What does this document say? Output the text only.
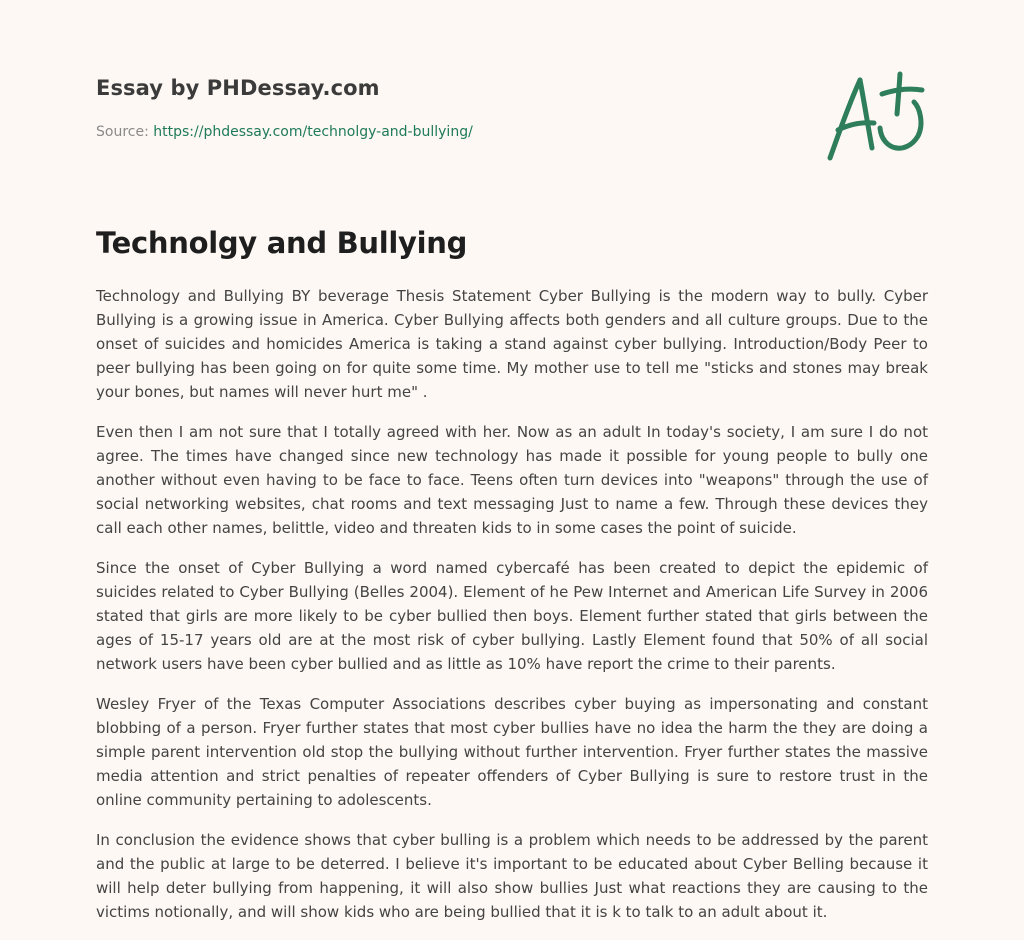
Essay by PHDessay.com
Source: https://phdessay.com/technolgy-and-bullying/
Technolgy and Bullying

Technology and Bullying BY beverage Thesis Statement Cyber Bullying is the modern way to bully. Cyber Bullying is a growing issue in America. Cyber Bullying affects both genders and all culture groups. Due to the onset of suicides and homicides America is taking a stand against cyber bullying. Introduction/Body Peer to peer bullying has been going on for quite some time. My mother use to tell me "sticks and stones may break your bones, but names will never hurt me" .

Even then I am not sure that I totally agreed with her. Now as an adult In today's society, I am sure I do not agree. The times have changed since new technology has made it possible for young people to bully one another without even having to be face to face. Teens often turn devices into "weapons" through the use of social networking websites, chat rooms and text messaging Just to name a few. Through these devices they call each other names, belittle, video and threaten kids to in some cases the point of suicide.

Since the onset of Cyber Bullying a word named cybercafé has been created to depict the epidemic of suicides related to Cyber Bullying (Belles 2004). Element of he Pew Internet and American Life Survey in 2006 stated that girls are more likely to be cyber bullied then boys. Element further stated that girls between the ages of 15-17 years old are at the most risk of cyber bullying. Lastly Element found that 50% of all social network users have been cyber bullied and as little as 10% have report the crime to their parents.

Wesley Fryer of the Texas Computer Associations describes cyber buying as impersonating and constant blobbing of a person. Fryer further states that most cyber bullies have no idea the harm the they are doing a simple parent intervention old stop the bullying without further intervention. Fryer further states the massive media attention and strict penalties of repeater offenders of Cyber Bullying is sure to restore trust in the online community pertaining to adolescents.

In conclusion the evidence shows that cyber bulling is a problem which needs to be addressed by the parent and the public at large to be deterred. I believe it's important to be educated about Cyber Belling because it will help deter bullying from happening, it will also show bullies Just what reactions they are causing to the victims notionally, and will show kids who are being bullied that it is k to talk to an adult about it.
